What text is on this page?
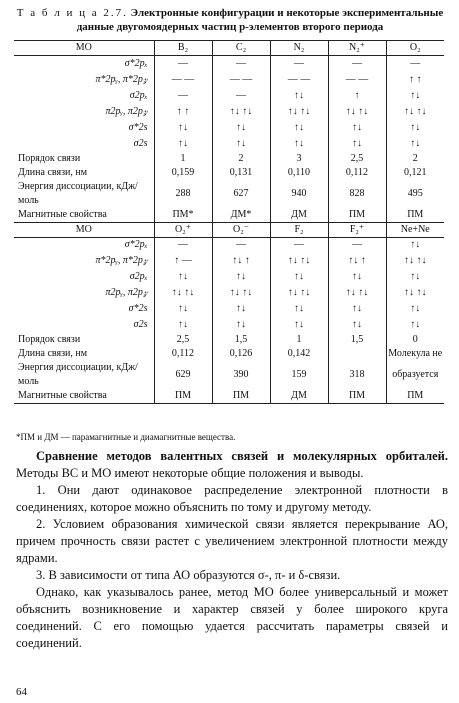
Т а б л и ц а 2.7. Электронные конфигурации и некоторые экспериментальные данные двугомоядерных частиц p-элементов второго периода
МО	B₂	C₂	N₂	N₂⁺	O₂
σ*2pₓ	—	—	—	—	—
π*2pᵧ, π*2p𝓏	— —	— —	— —	— —	↑ ↑
σ2pₓ	—	—	↑↓	↑	↑↓
π2pᵧ, π2p𝓏	↑ ↑	↑↓ ↑↓	↑↓ ↑↓	↑↓ ↑↓	↑↓ ↑↓
σ*2s	↑↓	↑↓	↑↓	↑↓	↑↓
σ2s	↑↓	↑↓	↑↓	↑↓	↑↓
Порядок связи	1	2	3	2,5	2
Длина связи, нм	0,159	0,131	0,110	0,112	0,121
Энергия диссоциации, кДж/моль	288	627	940	828	495
Магнитные свойства	ПМ*	ДМ*	ДМ	ПМ	ПМ
МО	O₂⁺	O₂⁻	F₂	F₂⁺	Ne+Ne
σ*2pₓ	—	—	—	—	↑↓
π*2pᵧ, π*2p𝓏	↑ —	↑↓ ↑	↑↓ ↑↓	↑↓ ↑	↑↓ ↑↓
σ2pₓ	↑↓	↑↓	↑↓	↑↓	↑↓
π2pᵧ, π2p𝓏	↑↓ ↑↓	↑↓ ↑↓	↑↓ ↑↓	↑↓ ↑↓	↑↓ ↑↓
σ*2s	↑↓	↑↓	↑↓	↑↓	↑↓
σ2s	↑↓	↑↓	↑↓	↑↓	↑↓
Порядок связи	2,5	1,5	1	1,5	0
Длина связи, нм	0,112	0,126	0,142		Молекула не
Энергия диссоциации, кДж/моль	629	390	159	318	образуется
Магнитные свойства	ПМ	ПМ	ДМ	ПМ	ПМ
*ПМ и ДМ — парамагнитные и диамагнитные вещества.

Сравнение методов валентных связей и молекулярных орбиталей. Методы ВС и МО имеют некоторые общие положения и выводы.

1. Они дают одинаковое распределение электронной плотности в соединениях, которое можно объяснить по тому и другому методу.

2. Условием образования химической связи является перекрывание АО, причем прочность связи растет с увеличением электронной плотности между ядрами.

3. В зависимости от типа АО образуются σ-, π- и δ-связи.

Однако, как указывалось ранее, метод МО более универсальный и может объяснить возникновение и характер связей у более широкого круга соединений. С его помощью удается рассчитать параметры связей и соединений.

64
